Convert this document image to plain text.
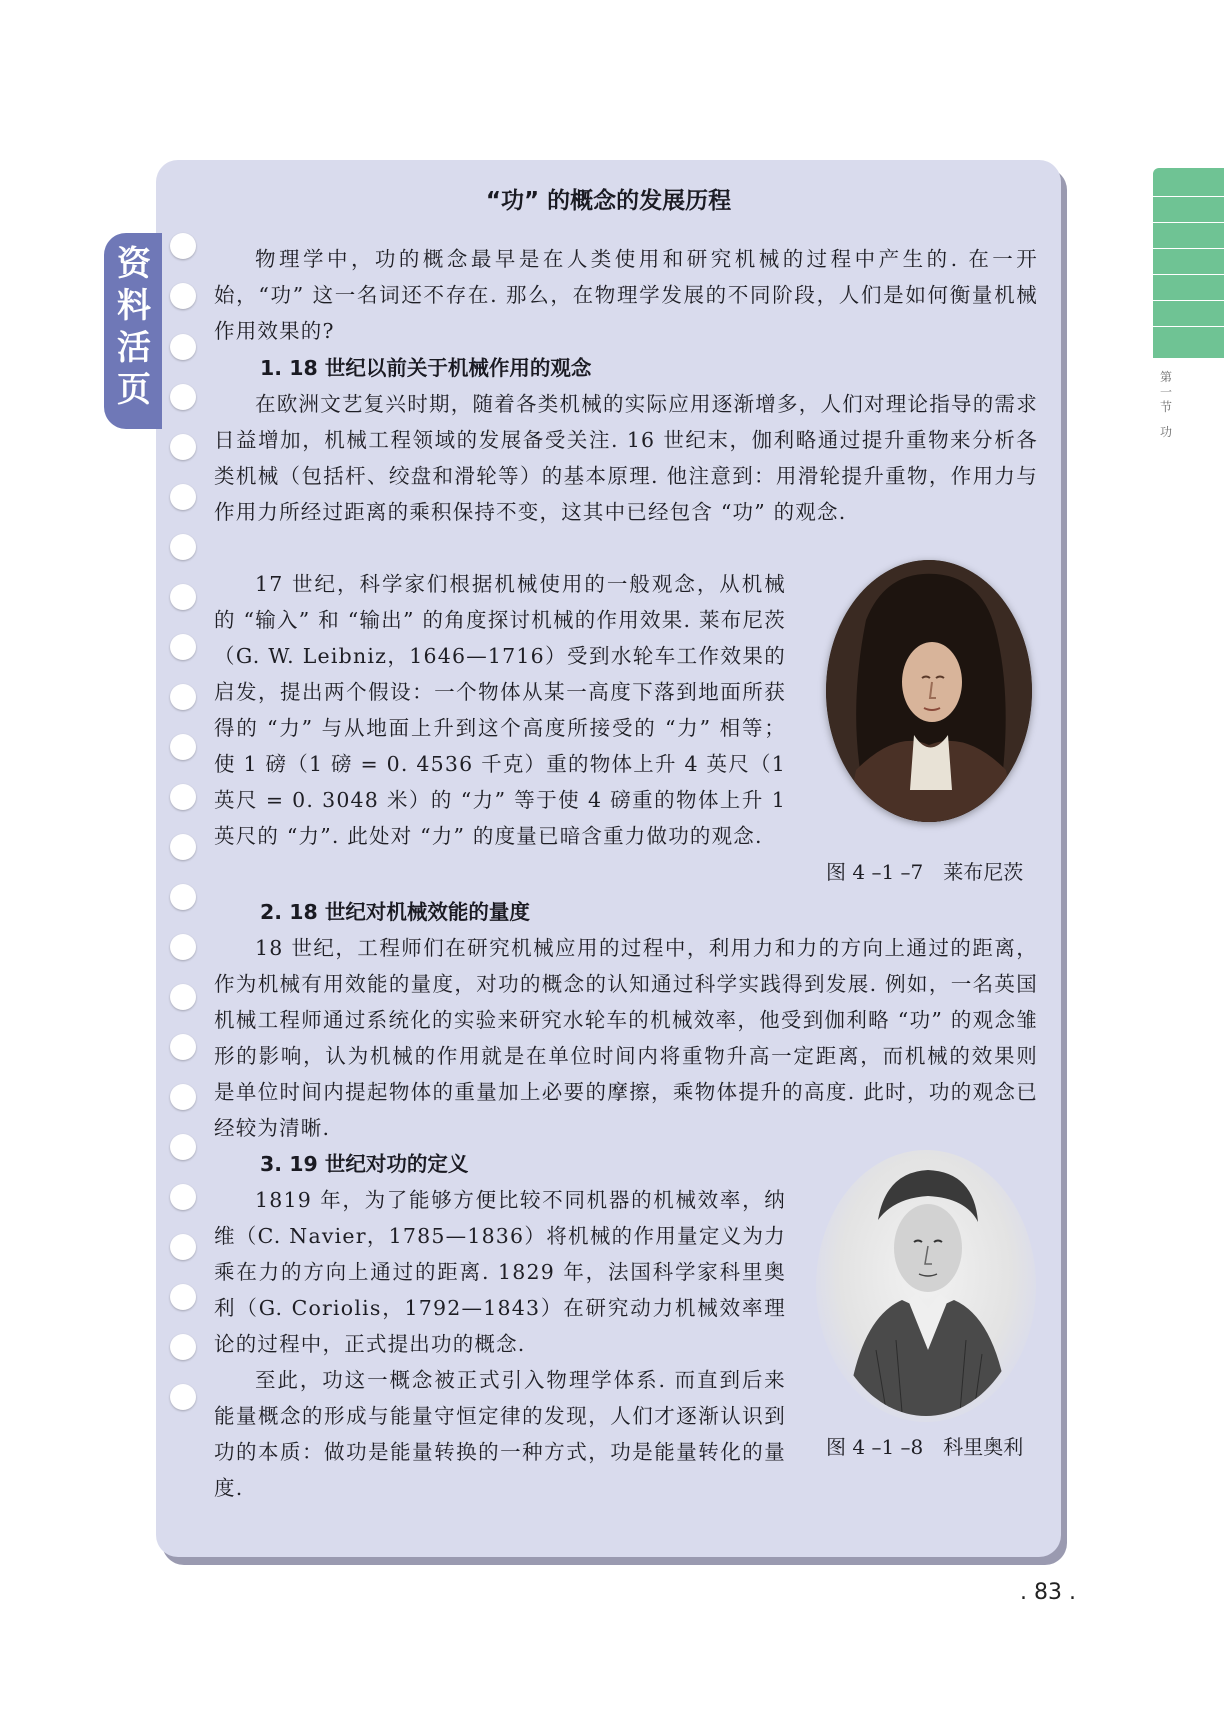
第一节
功
资料活页
“功” 的概念的发展历程

物理学中，功的概念最早是在人类使用和研究机械的过程中产生的. 在一开始，“功” 这一名词还不存在. 那么，在物理学发展的不同阶段，人们是如何衡量机械作用效果的?

1. 18 世纪以前关于机械作用的观念

在欧洲文艺复兴时期，随着各类机械的实际应用逐渐增多，人们对理论指导的需求日益增加，机械工程领域的发展备受关注. 16 世纪末，伽利略通过提升重物来分析各类机械（包括杆、绞盘和滑轮等）的基本原理. 他注意到：用滑轮提升重物，作用力与作用力所经过距离的乘积保持不变，这其中已经包含 “功” 的观念.

17 世纪，科学家们根据机械使用的一般观念，从机械的 “输入” 和 “输出” 的角度探讨机械的作用效果. 莱布尼茨（G. W. Leibniz，1646—1716）受到水轮车工作效果的启发，提出两个假设：一个物体从某一高度下落到地面所获得的 “力” 与从地面上升到这个高度所接受的 “力” 相等；使 1 磅（1 磅 = 0. 4536 千克）重的物体上升 4 英尺（1 英尺 = 0. 3048 米）的 “力” 等于使 4 磅重的物体上升 1 英尺的 “力”. 此处对 “力” 的度量已暗含重力做功的观念.

图 4 –1 –7　莱布尼茨
2. 18 世纪对机械效能的量度

18 世纪，工程师们在研究机械应用的过程中，利用力和力的方向上通过的距离，作为机械有用效能的量度，对功的概念的认知通过科学实践得到发展. 例如，一名英国机械工程师通过系统化的实验来研究水轮车的机械效率，他受到伽利略 “功” 的观念雏形的影响，认为机械的作用就是在单位时间内将重物升高一定距离，而机械的效果则是单位时间内提起物体的重量加上必要的摩擦，乘物体提升的高度. 此时，功的观念已经较为清晰.

3. 19 世纪对功的定义

1819 年，为了能够方便比较不同机器的机械效率，纳维（C. Navier，1785—1836）将机械的作用量定义为力乘在力的方向上通过的距离. 1829 年，法国科学家科里奥利（G. Coriolis，1792—1843）在研究动力机械效率理论的过程中，正式提出功的概念.

至此，功这一概念被正式引入物理学体系. 而直到后来能量概念的形成与能量守恒定律的发现，人们才逐渐认识到功的本质：做功是能量转换的一种方式，功是能量转化的量度.

图 4 –1 –8　科里奥利
. 83 .
